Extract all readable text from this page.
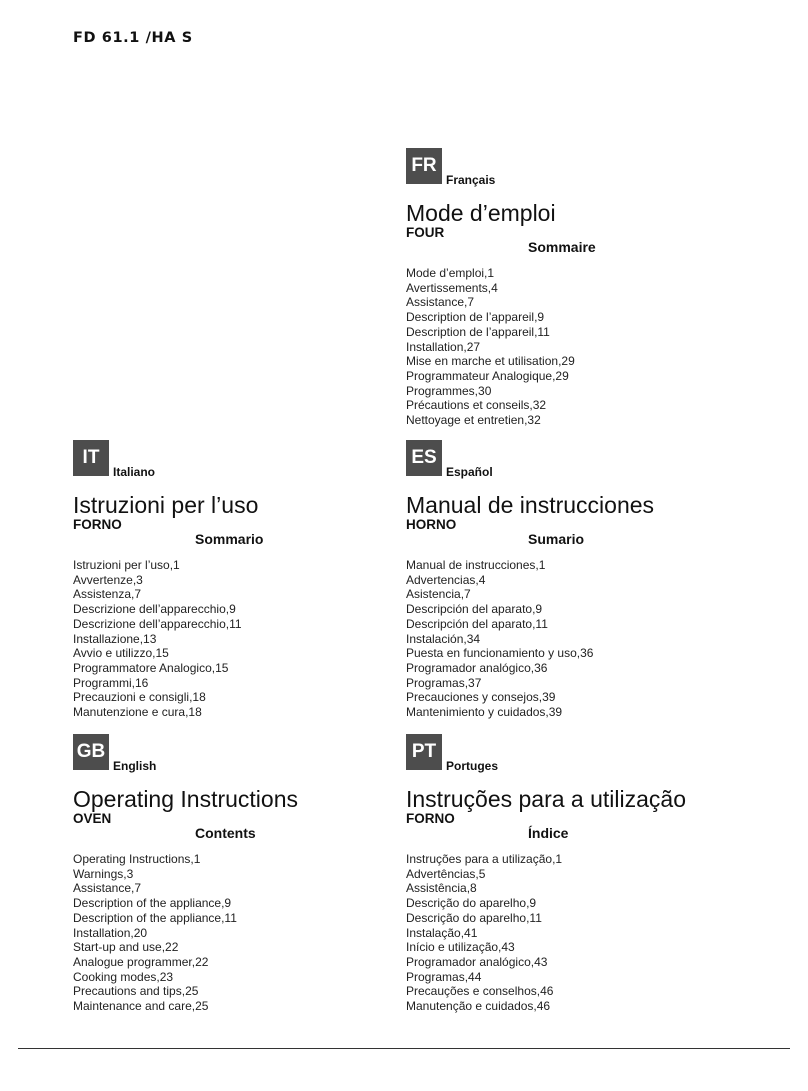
FD 61.1 /HA S
FR
Français
Mode d’emploi
FOUR
Sommaire
Mode d’emploi,1
Avertissements,4
Assistance,7
Description de l’appareil,9
Description de l’appareil,11
Installation,27
Mise en marche et utilisation,29
Programmateur Analogique,29
Programmes,30
Précautions et conseils,32
Nettoyage et entretien,32
IT
Italiano
Istruzioni per l’uso
FORNO
Sommario
Istruzioni per l’uso,1
Avvertenze,3
Assistenza,7
Descrizione dell’apparecchio,9
Descrizione dell’apparecchio,11
Installazione,13
Avvio e utilizzo,15
Programmatore Analogico,15
Programmi,16
Precauzioni e consigli,18
Manutenzione e cura,18
ES
Español
Manual de instrucciones
HORNO
Sumario
Manual de instrucciones,1
Advertencias,4
Asistencia,7
Descripción del aparato,9
Descripción del aparato,11
Instalación,34
Puesta en funcionamiento y uso,36
Programador analógico,36
Programas,37
Precauciones y consejos,39
Mantenimiento y cuidados,39
GB
English
Operating Instructions
OVEN
Contents
Operating Instructions,1
Warnings,3
Assistance,7
Description of the appliance,9
Description of the appliance,11
Installation,20
Start-up and use,22
Analogue programmer,22
Cooking modes,23
Precautions and tips,25
Maintenance and care,25
PT
Portuges
Instruções para a utilização
FORNO
Índice
Instruções para a utilização,1
Advertências,5
Assistência,8
Descrição do aparelho,9
Descrição do aparelho,11
Instalação,41
Início e utilização,43
Programador analógico,43
Programas,44
Precauções e conselhos,46
Manutenção e cuidados,46
